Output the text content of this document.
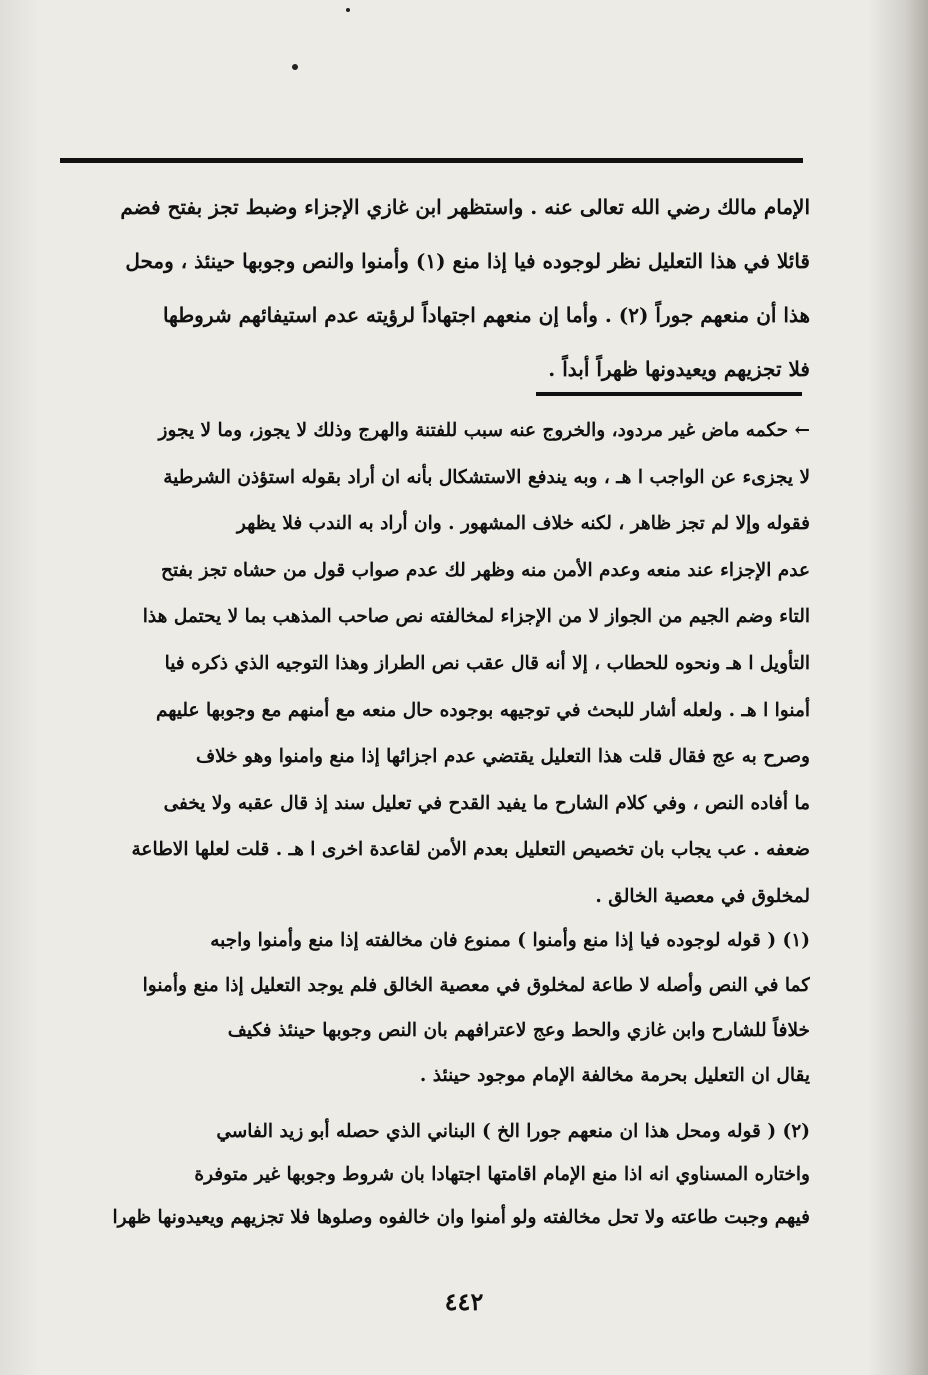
الإمام مالك رضي الله تعالى عنه . واستظهر ابن غازي الإجزاء وضبط تجز بفتح فضم
قائلا في هذا التعليل نظر لوجوده فيا إذا منع (١) وأمنوا والنص وجوبها حينئذ ، ومحل
هذا أن منعهم جوراً (٢) . وأما إن منعهم اجتهاداً لرؤيته عدم استيفائهم شروطها
فلا تجزيهم ويعيدونها ظهراً أبداً .
← حكمه ماض غير مردود، والخروج عنه سبب للفتنة والهرج وذلك لا يجوز، وما لا يجوز
لا يجزىء عن الواجب ا هـ ، وبه يندفع الاستشكال بأنه ان أراد بقوله استؤذن الشرطية
فقوله وإلا لم تجز ظاهر ، لكنه خلاف المشهور . وان أراد به الندب فلا يظهر
عدم الإجزاء عند منعه وعدم الأمن منه وظهر لك عدم صواب قول من حشاه تجز بفتح
التاء وضم الجيم من الجواز لا من الإجزاء لمخالفته نص صاحب المذهب بما لا يحتمل هذا
التأويل ا هـ ونحوه للحطاب ، إلا أنه قال عقب نص الطراز وهذا التوجيه الذي ذكره فيا
أمنوا ا هـ . ولعله أشار للبحث في توجيهه بوجوده حال منعه مع أمنهم مع وجوبها عليهم
وصرح به عج فقال قلت هذا التعليل يقتضي عدم اجزائها إذا منع وامنوا وهو خلاف
ما أفاده النص ، وفي كلام الشارح ما يفيد القدح في تعليل سند إذ قال عقبه ولا يخفى
ضعفه . عب يجاب بان تخصيص التعليل بعدم الأمن لقاعدة اخرى ا هـ . قلت لعلها الاطاعة
لمخلوق في معصية الخالق .
(١) ( قوله لوجوده فيا إذا منع وأمنوا ) ممنوع فان مخالفته إذا منع وأمنوا واجبه
كما في النص وأصله لا طاعة لمخلوق في معصية الخالق فلم يوجد التعليل إذا منع وأمنوا
خلافاً للشارح وابن غازي والحط وعج لاعترافهم بان النص وجوبها حينئذ فكيف
يقال ان التعليل بحرمة مخالفة الإمام موجود حينئذ .
(٢) ( قوله ومحل هذا ان منعهم جورا الخ ) البناني الذي حصله أبو زيد الفاسي
واختاره المسناوي انه اذا منع الإمام اقامتها اجتهادا بان شروط وجوبها غير متوفرة
فيهم وجبت طاعته ولا تحل مخالفته ولو أمنوا وان خالفوه وصلوها فلا تجزيهم ويعيدونها ظهرا
٤٤٢
